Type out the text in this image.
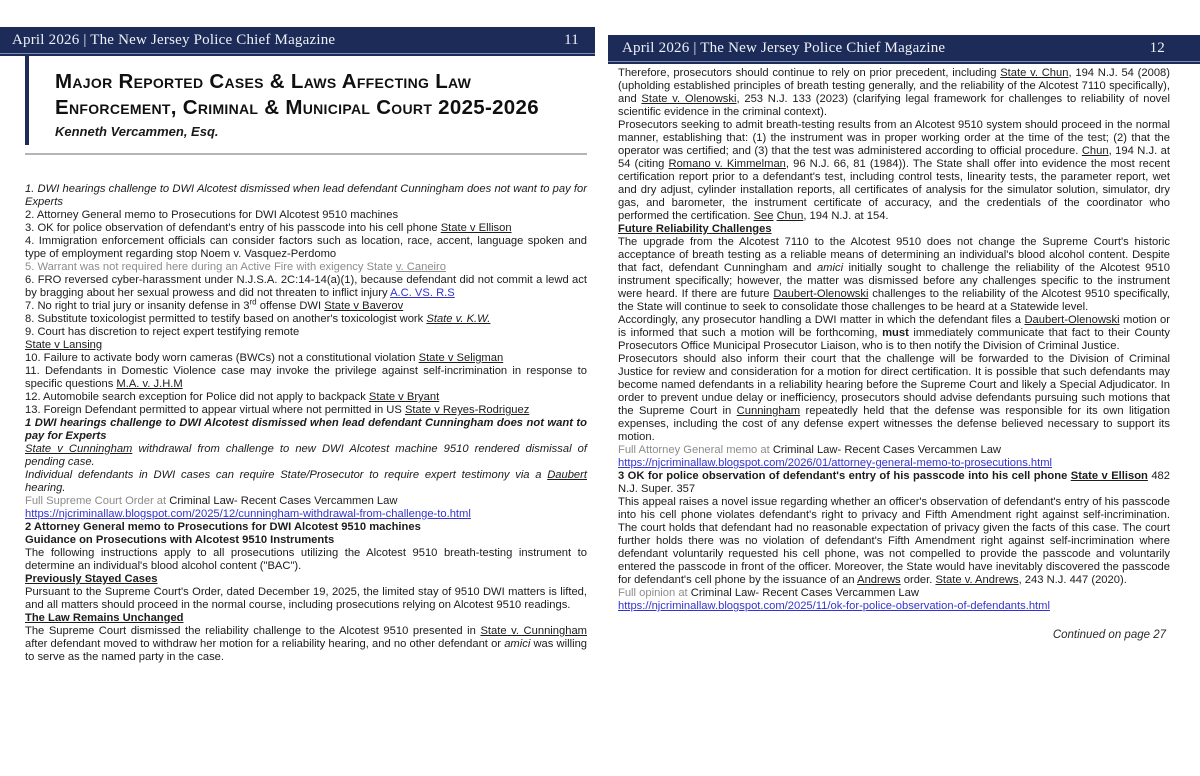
April 2026 | The New Jersey Police Chief Magazine	11
Major Reported Cases & Laws Affecting Law Enforcement, Criminal & Municipal Court 2025-2026
Kenneth Vercammen, Esq.

1. DWI hearings challenge to DWI Alcotest dismissed when lead defendant Cunningham does not want to pay for Experts

2. Attorney General memo to Prosecutions for DWI Alcotest 9510 machines

3. OK for police observation of defendant's entry of his passcode into his cell phone State v Ellison

4. Immigration enforcement officials can consider factors such as location, race, accent, language spoken and type of employment regarding stop Noem v. Vasquez-Perdomo

5. Warrant was not required here during an Active Fire with exigency State v. Caneiro

6. FRO reversed cyber-harassment under N.J.S.A. 2C:14-14(a)(1), because defendant did not commit a lewd act by bragging about her sexual prowess and did not threaten to inflict injury A.C. VS. R.S

7. No right to trial jury or insanity defense in 3rd offense DWI State v Baverov

8. Substitute toxicologist permitted to testify based on another's toxicologist work State v. K.W.

9. Court has discretion to reject expert testifying remote

State v Lansing

10. Failure to activate body worn cameras (BWCs) not a constitutional violation State v Seligman

11. Defendants in Domestic Violence case may invoke the privilege against self-incrimination in response to specific questions M.A. v. J.H.M

12. Automobile search exception for Police did not apply to backpack State v Bryant

13. Foreign Defendant permitted to appear virtual where not permitted in US State v Reyes-Rodriguez

1 DWI hearings challenge to DWI Alcotest dismissed when lead defendant Cunningham does not want to pay for Experts

State v Cunningham withdrawal from challenge to new DWI Alcotest machine 9510 rendered dismissal of pending case.

Individual defendants in DWI cases can require State/Prosecutor to require expert testimony via a Daubert hearing.

Full Supreme Court Order at Criminal Law- Recent Cases Vercammen Law

https://njcriminallaw.blogspot.com/2025/12/cunningham-withdrawal-from-challenge-to.html

2 Attorney General memo to Prosecutions for DWI Alcotest 9510 machines

Guidance on Prosecutions with Alcotest 9510 Instruments

The following instructions apply to all prosecutions utilizing the Alcotest 9510 breath-testing instrument to determine an individual's blood alcohol content ("BAC").

Previously Stayed Cases

Pursuant to the Supreme Court's Order, dated December 19, 2025, the limited stay of 9510 DWI matters is lifted, and all matters should proceed in the normal course, including prosecutions relying on Alcotest 9510 readings.

The Law Remains Unchanged

The Supreme Court dismissed the reliability challenge to the Alcotest 9510 presented in State v. Cunningham after defendant moved to withdraw her motion for a reliability hearing, and no other defendant or amici was willing to serve as the named party in the case.

April 2026 | The New Jersey Police Chief Magazine	12

Therefore, prosecutors should continue to rely on prior precedent, including State v. Chun, 194 N.J. 54 (2008) (upholding established principles of breath testing generally, and the reliability of the Alcotest 7110 specifically), and State v. Olenowski, 253 N.J. 133 (2023) (clarifying legal framework for challenges to reliability of novel scientific evidence in the criminal context).

Prosecutors seeking to admit breath-testing results from an Alcotest 9510 system should proceed in the normal manner, establishing that: (1) the instrument was in proper working order at the time of the test; (2) that the operator was certified; and (3) that the test was administered according to official procedure. Chun, 194 N.J. at 54 (citing Romano v. Kimmelman, 96 N.J. 66, 81 (1984)). The State shall offer into evidence the most recent certification report prior to a defendant's test, including control tests, linearity tests, the parameter report, wet and dry adjust, cylinder installation reports, all certificates of analysis for the simulator solution, simulator, dry gas, and barometer, the instrument certificate of accuracy, and the credentials of the coordinator who performed the certification. See Chun, 194 N.J. at 154.

Future Reliability Challenges

The upgrade from the Alcotest 7110 to the Alcotest 9510 does not change the Supreme Court's historic acceptance of breath testing as a reliable means of determining an individual's blood alcohol content. Despite that fact, defendant Cunningham and amici initially sought to challenge the reliability of the Alcotest 9510 instrument specifically; however, the matter was dismissed before any challenges specific to the instrument were heard. If there are future Daubert-Olenowski challenges to the reliability of the Alcotest 9510 specifically, the State will continue to seek to consolidate those challenges to be heard at a Statewide level.

Accordingly, any prosecutor handling a DWI matter in which the defendant files a Daubert-Olenowski motion or is informed that such a motion will be forthcoming, must immediately communicate that fact to their County Prosecutors Office Municipal Prosecutor Liaison, who is to then notify the Division of Criminal Justice.

Prosecutors should also inform their court that the challenge will be forwarded to the Division of Criminal Justice for review and consideration for a motion for direct certification. It is possible that such defendants may become named defendants in a reliability hearing before the Supreme Court and likely a Special Adjudicator. In order to prevent undue delay or inefficiency, prosecutors should advise defendants pursuing such motions that the Supreme Court in Cunningham repeatedly held that the defense was responsible for its own litigation expenses, including the cost of any defense expert witnesses the defense believed necessary to support its motion.

Full Attorney General memo at Criminal Law- Recent Cases Vercammen Law

https://njcriminallaw.blogspot.com/2026/01/attorney-general-memo-to-prosecutions.html

3 OK for police observation of defendant's entry of his passcode into his cell phone State v Ellison 482 N.J. Super. 357

This appeal raises a novel issue regarding whether an officer's observation of defendant's entry of his passcode into his cell phone violates defendant's right to privacy and Fifth Amendment right against self-incrimination. The court holds that defendant had no reasonable expectation of privacy given the facts of this case. The court further holds there was no violation of defendant's Fifth Amendment right against self-incrimination where defendant voluntarily requested his cell phone, was not compelled to provide the passcode and voluntarily entered the passcode in front of the officer. Moreover, the State would have inevitably discovered the passcode for defendant's cell phone by the issuance of an Andrews order. State v. Andrews, 243 N.J. 447 (2020).

Full opinion at Criminal Law- Recent Cases Vercammen Law

https://njcriminallaw.blogspot.com/2025/11/ok-for-police-observation-of-defendants.html

Continued on page 27
